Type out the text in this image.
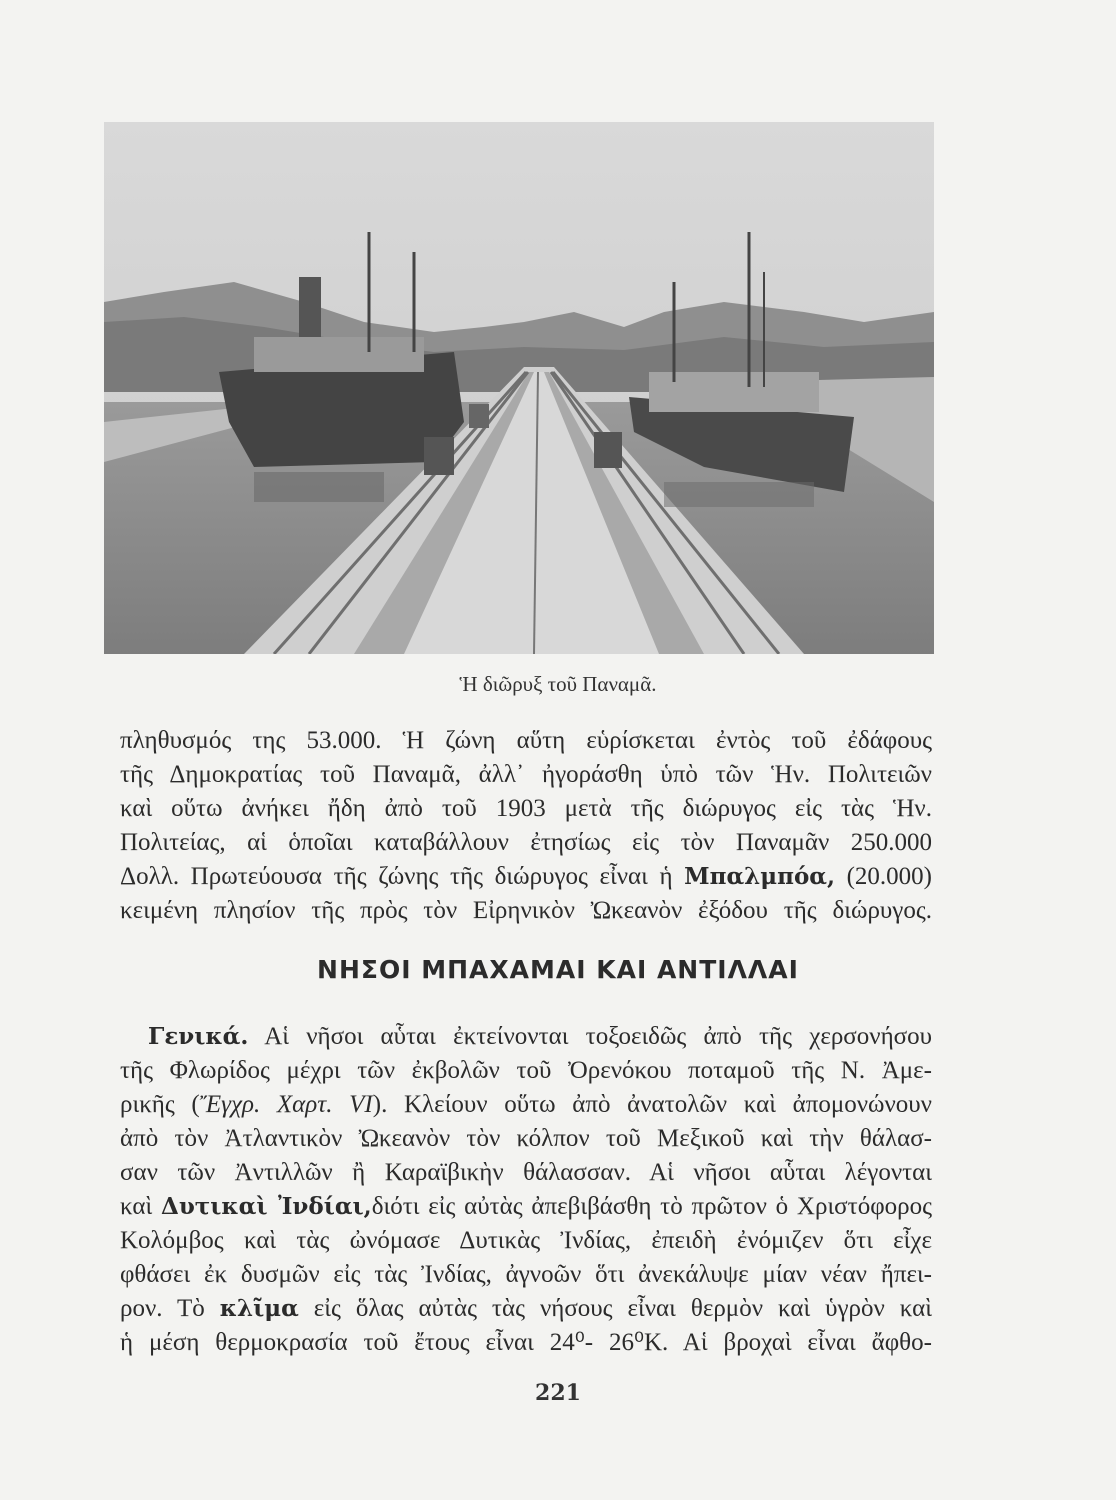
Ἡ διῶρυξ τοῦ Παναμᾶ.
πληθυσμός της 53.000. Ἡ ζώνη αὕτη εὑρίσκεται ἐντὸς τοῦ ἐδάφους
τῆς Δημοκρατίας τοῦ Παναμᾶ, ἀλλ᾽ ἠγοράσθη ὑπὸ τῶν Ἡν. Πολιτειῶν
καὶ οὕτω ἀνήκει ἤδη ἀπὸ τοῦ 1903 μετὰ τῆς διώρυγος εἰς τὰς Ἡν.
Πολιτείας, αἱ ὁποῖαι καταβάλλουν ἐτησίως εἰς τὸν Παναμᾶν 250.000
Δολλ. Πρωτεύουσα τῆς ζώνης τῆς διώρυγος εἶναι ἡ Μπαλμπόα, (20.000)
κειμένη πλησίον τῆς πρὸς τὸν Εἰρηνικὸν Ὠκεανὸν ἐξόδου τῆς διώρυγος.
ΝΗΣΟΙ ΜΠΑΧΑΜΑΙ ΚΑΙ ΑΝΤΙΛΛΑΙ
Γενικά. Αἱ νῆσοι αὗται ἐκτείνονται τοξοειδῶς ἀπὸ τῆς χερσονήσου
τῆς Φλωρίδος μέχρι τῶν ἐκβολῶν τοῦ Ὀρενόκου ποταμοῦ τῆς Ν. Ἀμε-
ρικῆς (Ἔγχρ. Χαρτ. VI). Κλείουν οὕτω ἀπὸ ἀνατολῶν καὶ ἀπομονώνουν
ἀπὸ τὸν Ἀτλαντικὸν Ὠκεανὸν τὸν κόλπον τοῦ Μεξικοῦ καὶ τὴν θάλασ-
σαν τῶν Ἀντιλλῶν ἢ Καραϊβικὴν θάλασσαν. Αἱ νῆσοι αὗται λέγονται
καὶ Δυτικαὶ Ἰνδίαι,διότι εἰς αὐτὰς ἀπεβιβάσθη τὸ πρῶτον ὁ Χριστόφορος
Κολόμβος καὶ τὰς ὠνόμασε Δυτικὰς Ἰνδίας, ἐπειδὴ ἐνόμιζεν ὅτι εἶχε
φθάσει ἐκ δυσμῶν εἰς τὰς Ἰνδίας, ἀγνοῶν ὅτι ἀνεκάλυψε μίαν νέαν ἤπει-
ρον. Τὸ κλῖμα εἰς ὅλας αὐτὰς τὰς νήσους εἶναι θερμὸν καὶ ὑγρὸν καὶ
ἡ μέση θερμοκρασία τοῦ ἔτους εἶναι 24⁰- 26⁰Κ. Αἱ βροχαὶ εἶναι ἄφθο-
221
